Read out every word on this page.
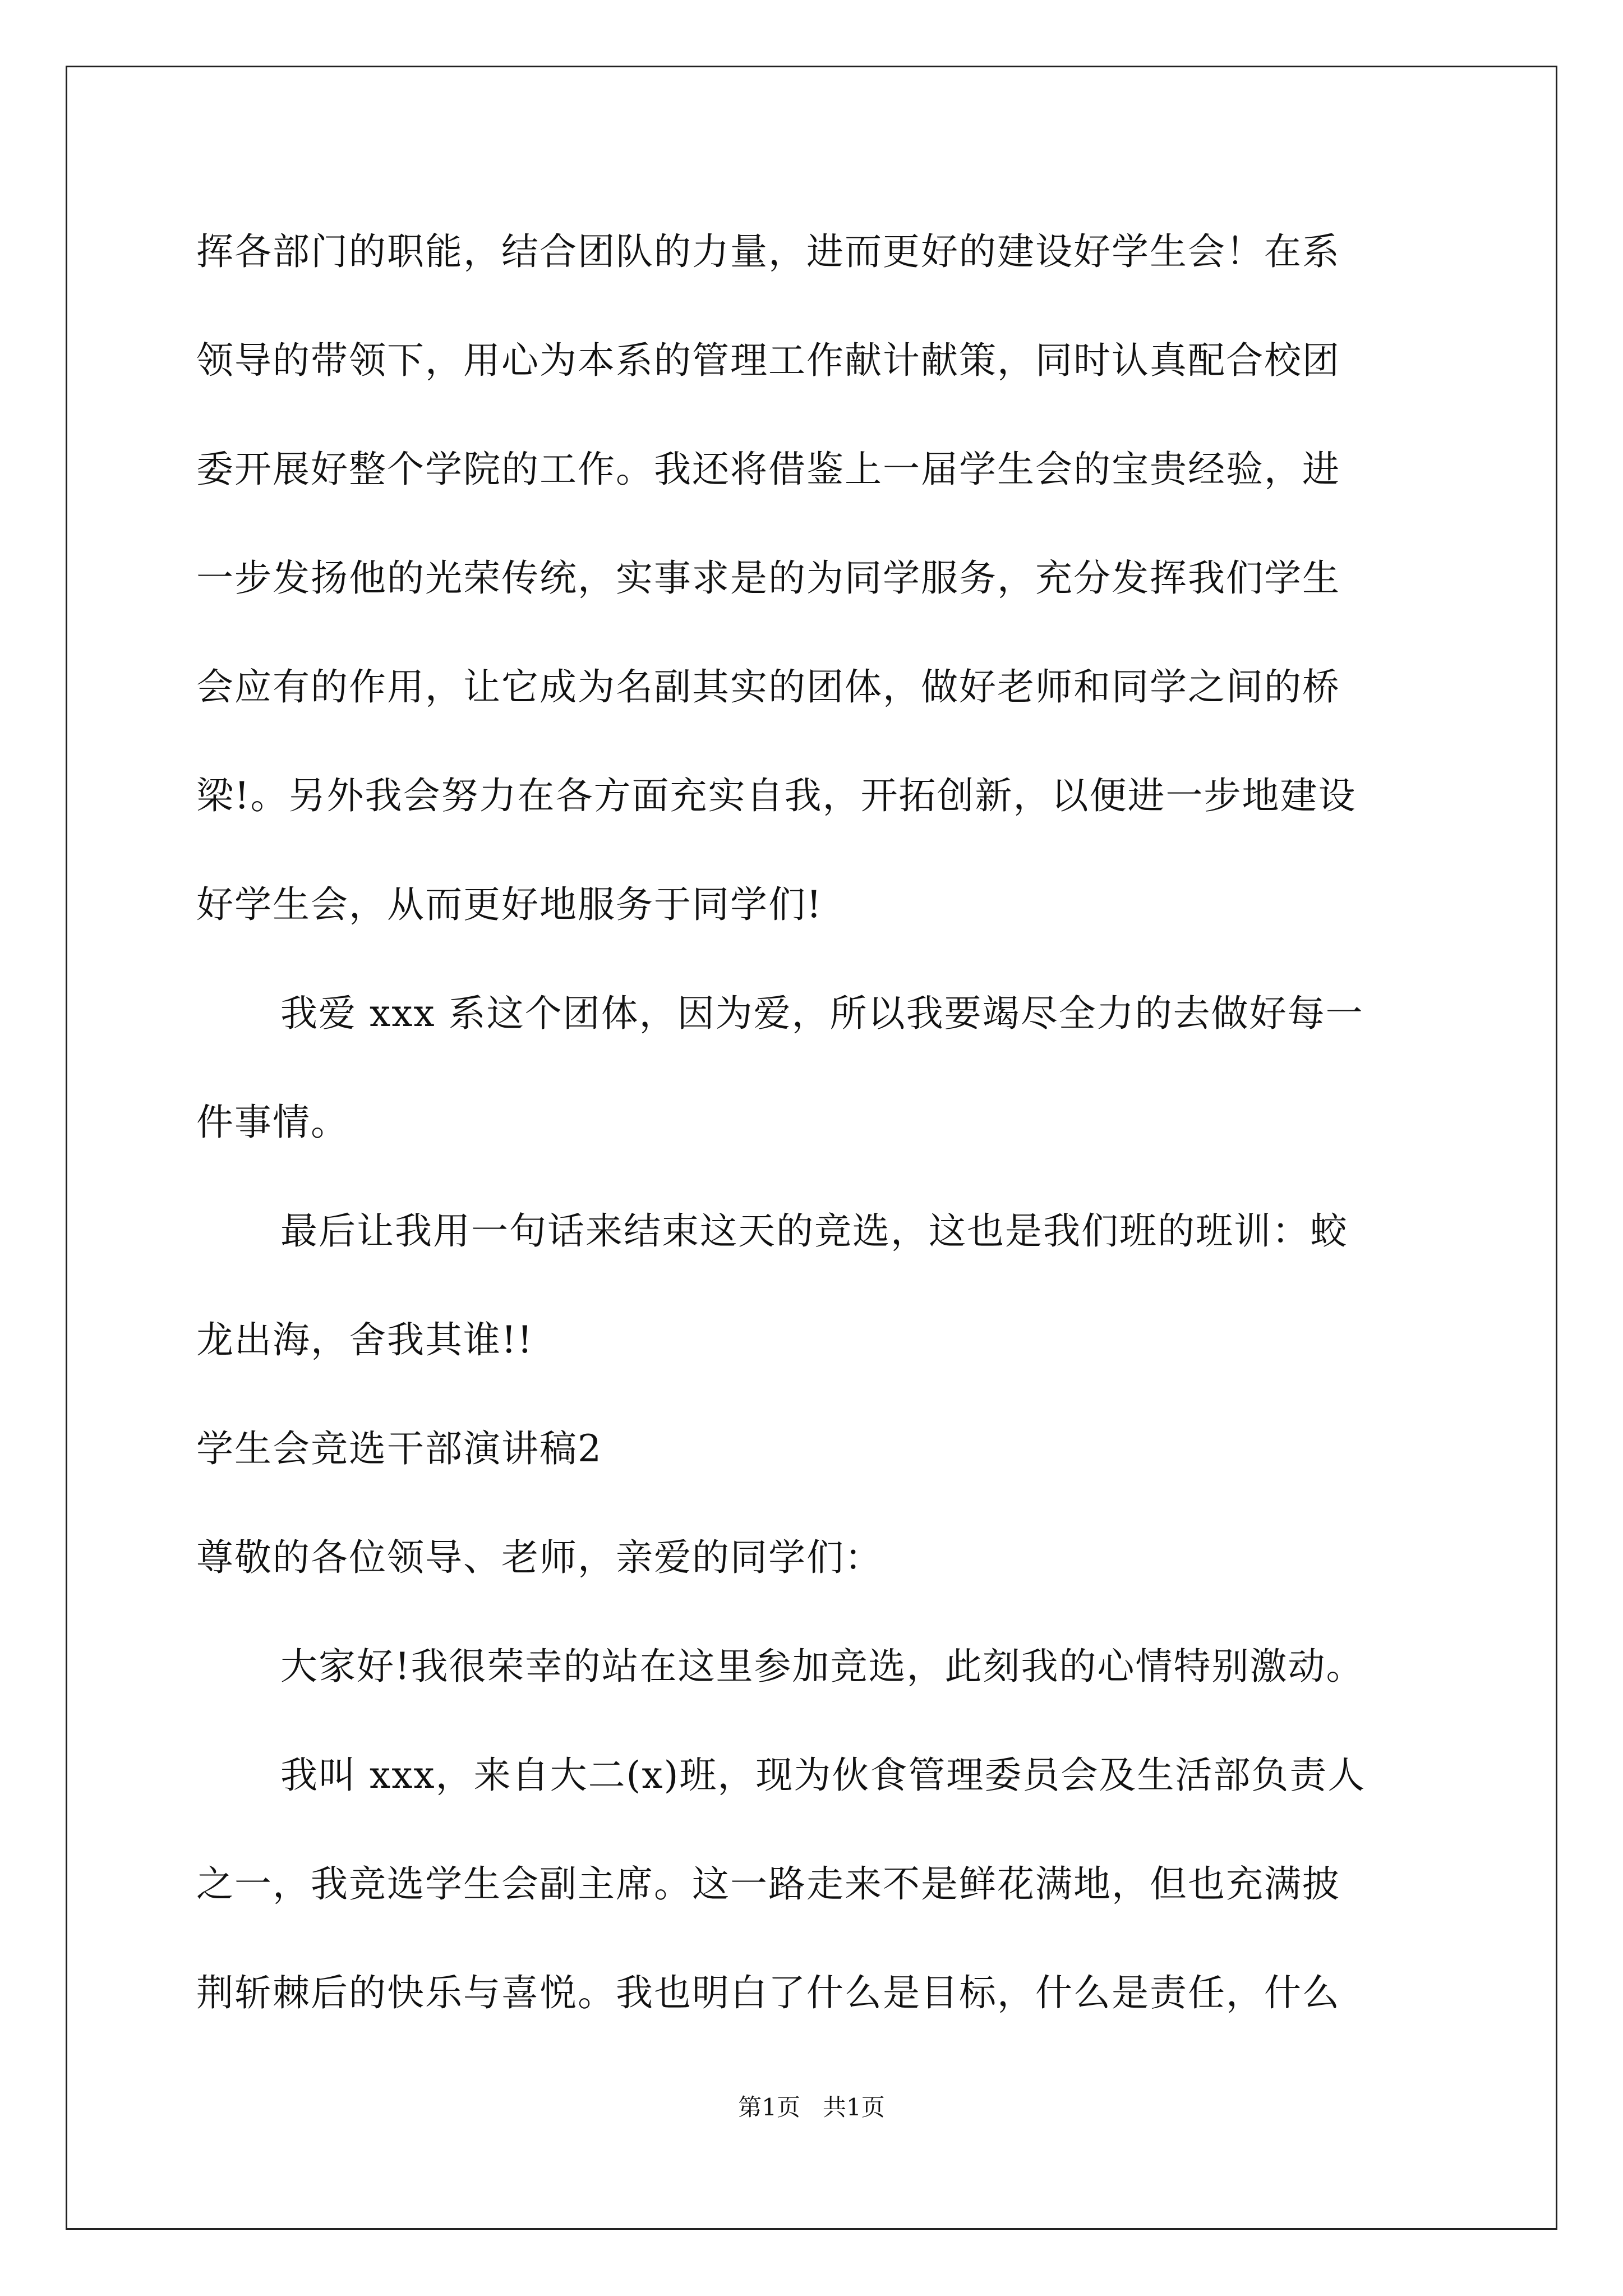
挥各部门的职能，结合团队的力量，进而更好的建设好学生会！在系
领导的带领下，用心为本系的管理工作献计献策，同时认真配合校团
委开展好整个学院的工作。我还将借鉴上一届学生会的宝贵经验，进
一步发扬他的光荣传统，实事求是的为同学服务，充分发挥我们学生
会应有的作用，让它成为名副其实的团体，做好老师和同学之间的桥
梁!。另外我会努力在各方面充实自我，开拓创新，以便进一步地建设
好学生会，从而更好地服务于同学们!
我爱 xxx 系这个团体，因为爱，所以我要竭尽全力的去做好每一
件事情。
最后让我用一句话来结束这天的竞选，这也是我们班的班训：蛟
龙出海，舍我其谁!!
学生会竞选干部演讲稿2
尊敬的各位领导、老师，亲爱的同学们：
大家好!我很荣幸的站在这里参加竞选，此刻我的心情特别激动。
我叫 xxx，来自大二(x)班，现为伙食管理委员会及生活部负责人
之一，我竞选学生会副主席。这一路走来不是鲜花满地，但也充满披
荆斩棘后的快乐与喜悦。我也明白了什么是目标，什么是责任，什么
第1页   共1页
